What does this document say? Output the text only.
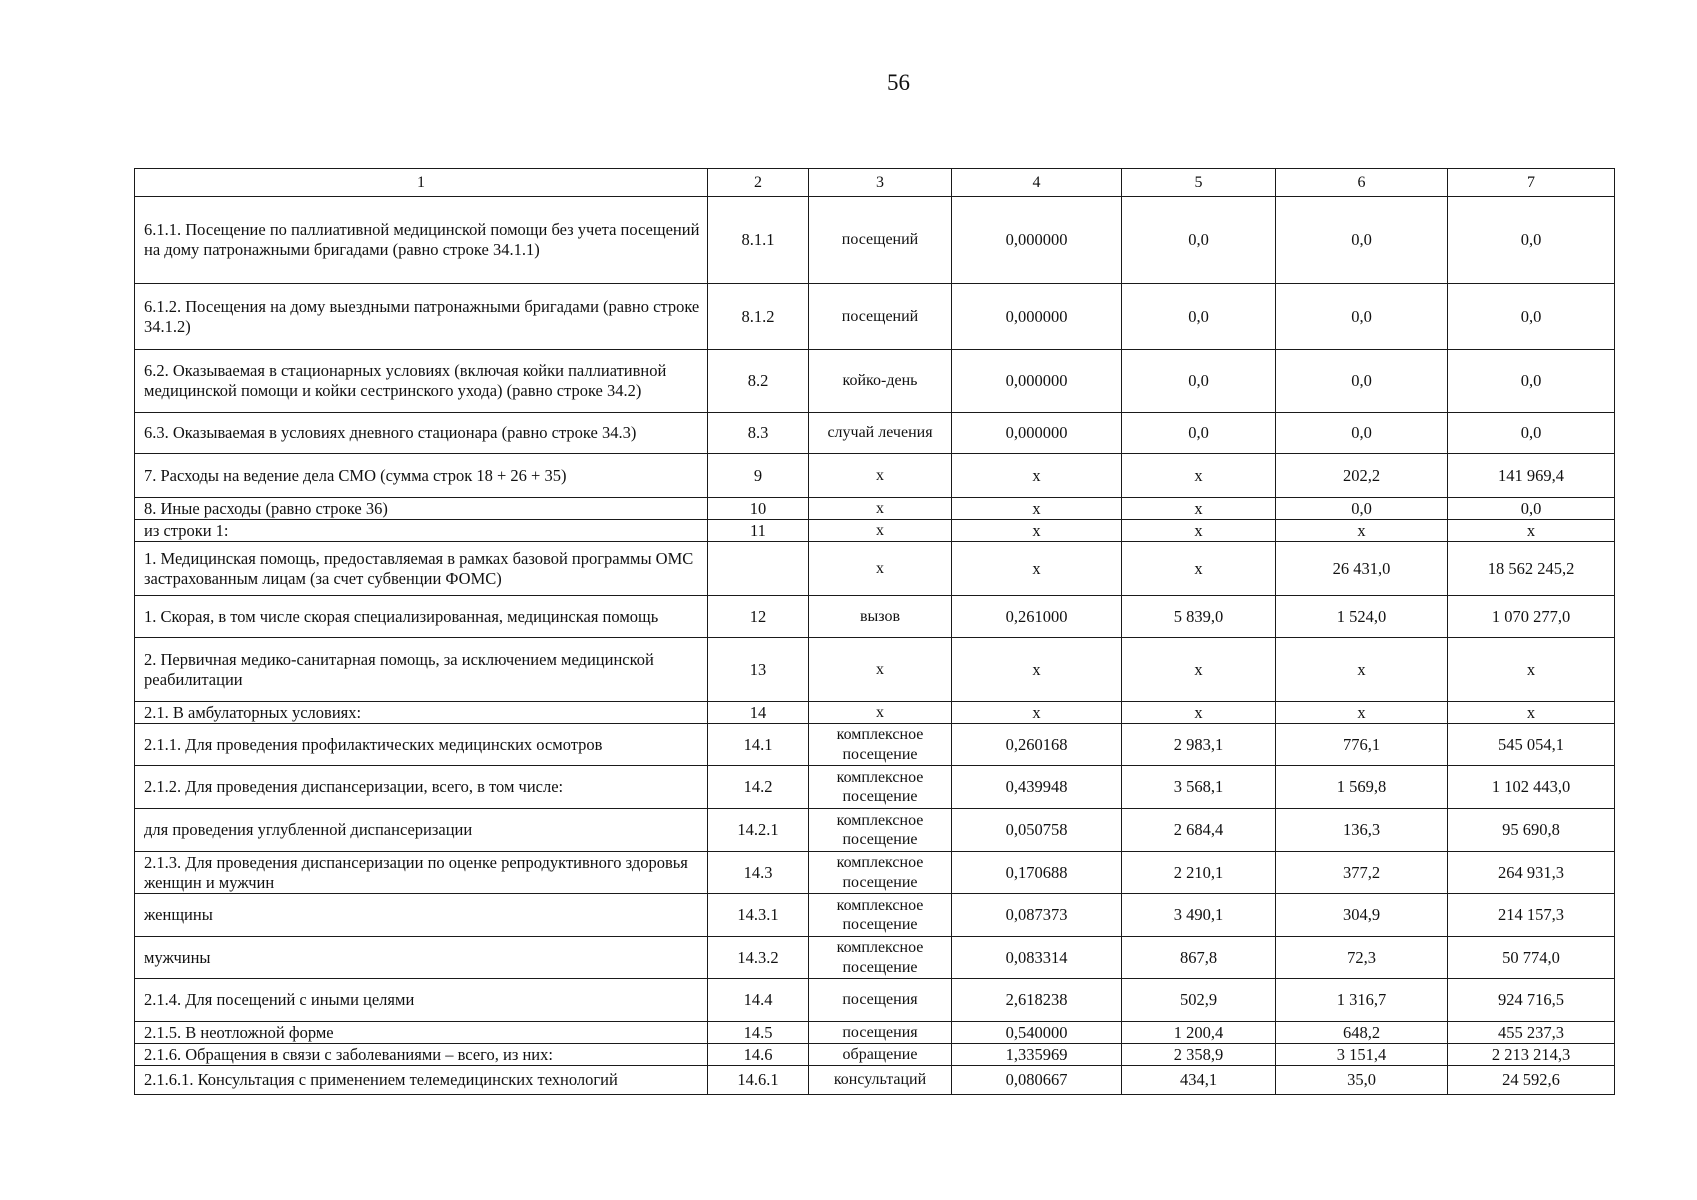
56
1	2	3	4	5	6	7
6.1.1. Посещение по паллиативной медицинской помощи без учета посещений на дому патронажными бригадами (равно строке 34.1.1)	8.1.1	посещений	0,000000	0,0	0,0	0,0
6.1.2. Посещения на дому выездными патронажными бригадами (равно строке 34.1.2)	8.1.2	посещений	0,000000	0,0	0,0	0,0
6.2. Оказываемая в стационарных условиях (включая койки паллиативной медицинской помощи и койки сестринского ухода) (равно строке 34.2)	8.2	койко-день	0,000000	0,0	0,0	0,0
6.3. Оказываемая в условиях дневного стационара (равно строке 34.3)	8.3	случай лечения	0,000000	0,0	0,0	0,0
7. Расходы на ведение дела СМО (сумма строк 18 + 26 + 35)	9	х	х	х	202,2	141 969,4
8. Иные расходы (равно строке 36)	10	х	х	х	0,0	0,0
из строки 1:	11	х	х	х	х	х
1. Медицинская помощь, предоставляемая в рамках базовой программы ОМС застрахованным лицам (за счет субвенции ФОМС)		х	х	х	26 431,0	18 562 245,2
1. Скорая, в том числе скорая специализированная, медицинская помощь	12	вызов	0,261000	5 839,0	1 524,0	1 070 277,0
2. Первичная медико-санитарная помощь, за исключением медицинской реабилитации	13	х	х	х	х	х
2.1. В амбулаторных условиях:	14	х	х	х	х	х
2.1.1. Для проведения профилактических медицинских осмотров	14.1	комплексное посещение	0,260168	2 983,1	776,1	545 054,1
2.1.2. Для проведения диспансеризации, всего, в том числе:	14.2	комплексное посещение	0,439948	3 568,1	1 569,8	1 102 443,0
для проведения углубленной диспансеризации	14.2.1	комплексное посещение	0,050758	2 684,4	136,3	95 690,8
2.1.3. Для проведения диспансеризации по оценке репродуктивного здоровья женщин и мужчин	14.3	комплексное посещение	0,170688	2 210,1	377,2	264 931,3
женщины	14.3.1	комплексное посещение	0,087373	3 490,1	304,9	214 157,3
мужчины	14.3.2	комплексное посещение	0,083314	867,8	72,3	50 774,0
2.1.4. Для посещений с иными целями	14.4	посещения	2,618238	502,9	1 316,7	924 716,5
2.1.5. В неотложной форме	14.5	посещения	0,540000	1 200,4	648,2	455 237,3
2.1.6. Обращения в связи с заболеваниями – всего, из них:	14.6	обращение	1,335969	2 358,9	3 151,4	2 213 214,3
2.1.6.1. Консультация с применением телемедицинских технологий	14.6.1	консультаций	0,080667	434,1	35,0	24 592,6
